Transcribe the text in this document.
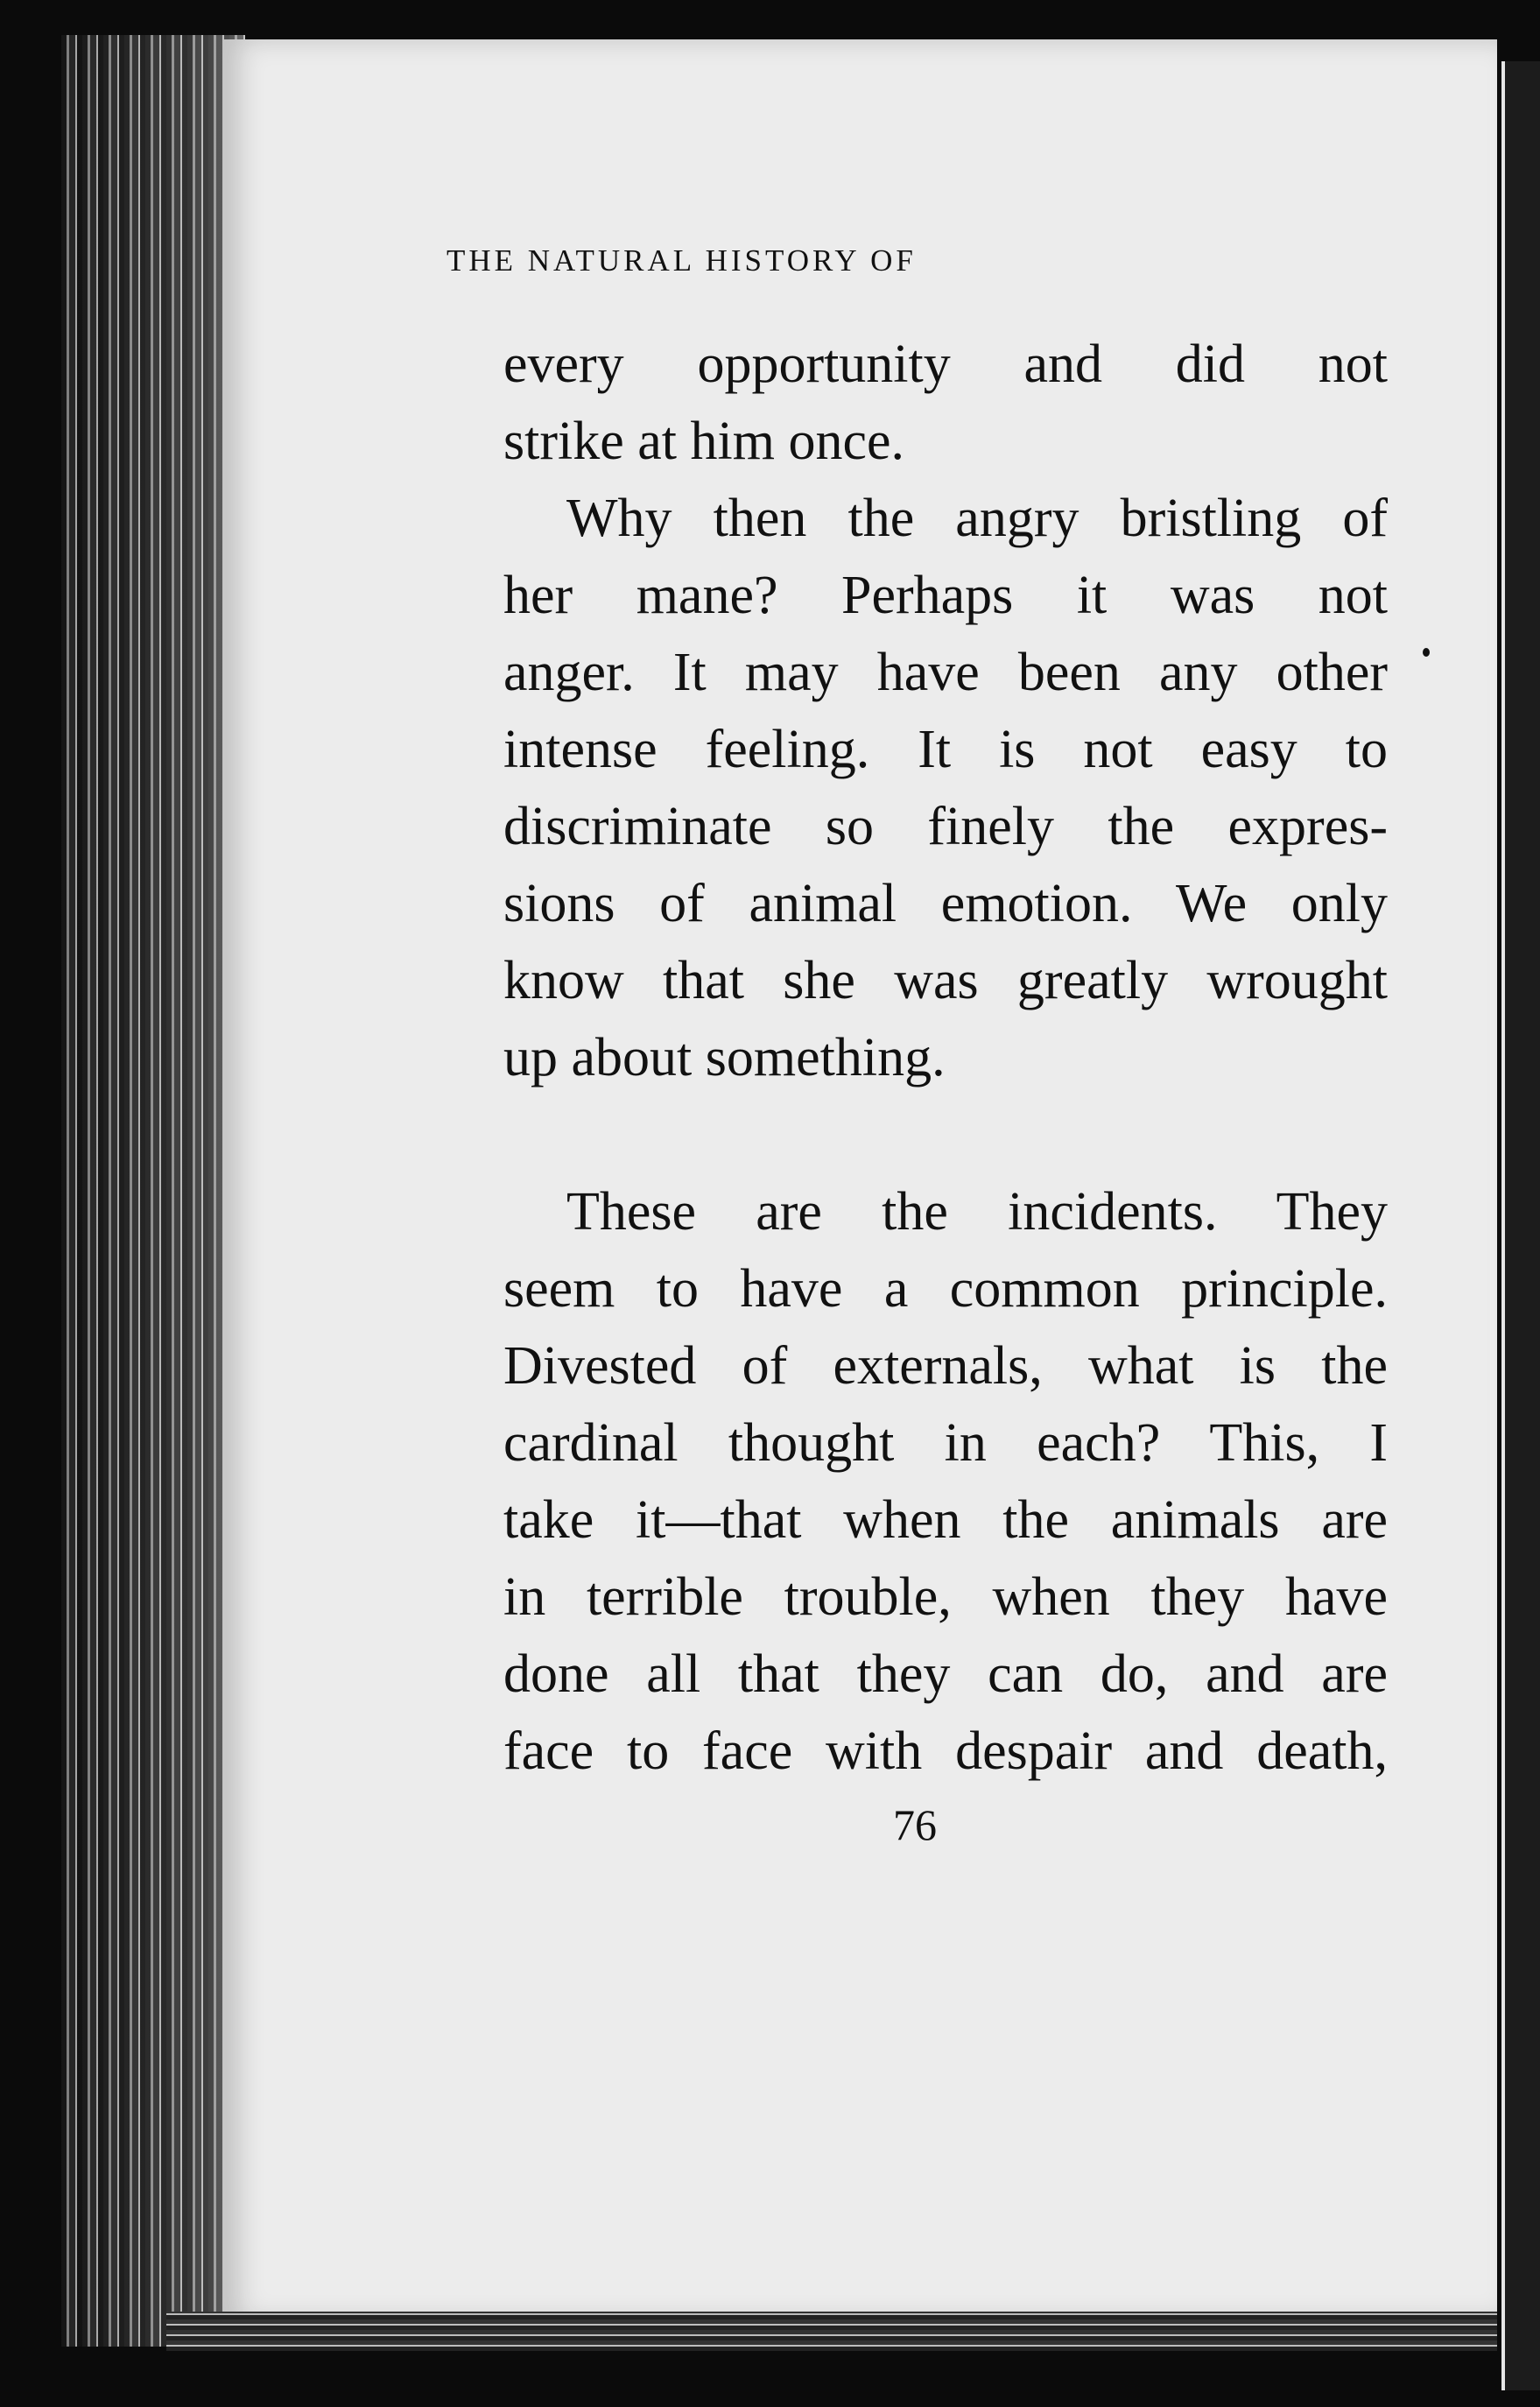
THE NATURAL HISTORY OF

every opportunity and did not
strike at him once.

Why then the angry bristling of
her mane? Perhaps it was not
anger. It may have been any other
intense feeling. It is not easy to
discriminate so finely the expres-
sions of animal emotion. We only
know that she was greatly wrought
up about something.

These are the incidents. They
seem to have a common principle.
Divested of externals, what is the
cardinal thought in each? This, I
take it—that when the animals are
in terrible trouble, when they have
done all that they can do, and are
face to face with despair and death,

76
